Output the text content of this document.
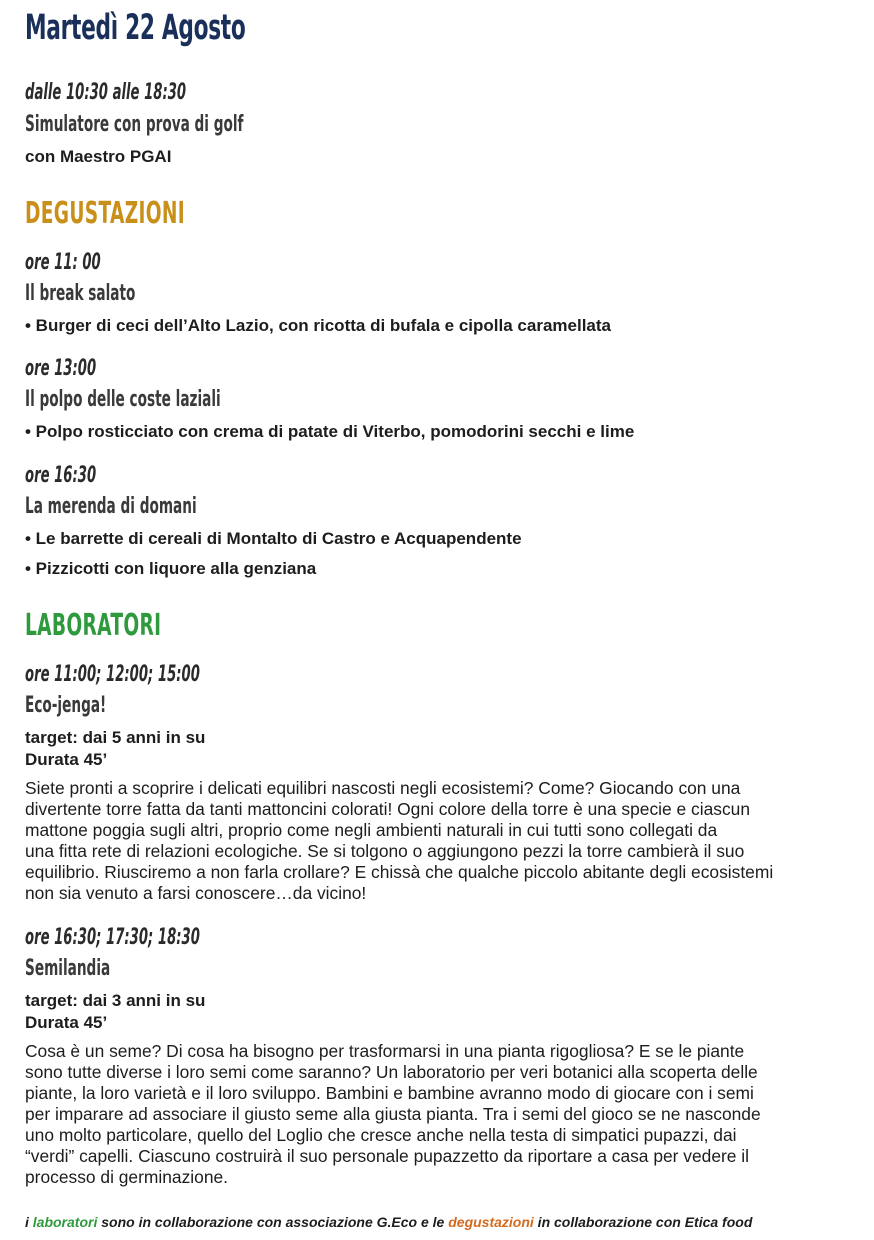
Martedì 22 Agosto
dalle 10:30 alle 18:30
Simulatore con prova di golf
con Maestro PGAI
DEGUSTAZIONI
ore 11: 00
Il break salato
• Burger di ceci dell’Alto Lazio, con ricotta di bufala e cipolla caramellata
ore 13:00
Il polpo delle coste laziali
• Polpo rosticciato con crema di patate di Viterbo, pomodorini secchi e lime
ore 16:30
La merenda di domani
• Le barrette di cereali di Montalto di Castro e Acquapendente
• Pizzicotti con liquore alla genziana
LABORATORI
ore 11:00; 12:00; 15:00
Eco-jenga!
target: dai 5 anni in su
Durata 45’
Siete pronti a scoprire i delicati equilibri nascosti negli ecosistemi? Come? Giocando con una
divertente torre fatta da tanti mattoncini colorati! Ogni colore della torre è una specie e ciascun
mattone poggia sugli altri, proprio come negli ambienti naturali in cui tutti sono collegati da
una fitta rete di relazioni ecologiche. Se si tolgono o aggiungono pezzi la torre cambierà il suo
equilibrio. Riusciremo a non farla crollare? E chissà che qualche piccolo abitante degli ecosistemi
non sia venuto a farsi conoscere…da vicino!
ore 16:30; 17:30; 18:30
Semilandia
target: dai 3 anni in su
Durata 45’
Cosa è un seme? Di cosa ha bisogno per trasformarsi in una pianta rigogliosa? E se le piante
sono tutte diverse i loro semi come saranno? Un laboratorio per veri botanici alla scoperta delle
piante, la loro varietà e il loro sviluppo. Bambini e bambine avranno modo di giocare con i semi
per imparare ad associare il giusto seme alla giusta pianta. Tra i semi del gioco se ne nasconde
uno molto particolare, quello del Loglio che cresce anche nella testa di simpatici pupazzi, dai
“verdi” capelli. Ciascuno costruirà il suo personale pupazzetto da riportare a casa per vedere il
processo di germinazione.
i laboratori sono in collaborazione con associazione G.Eco e le degustazioni in collaborazione con Etica food
